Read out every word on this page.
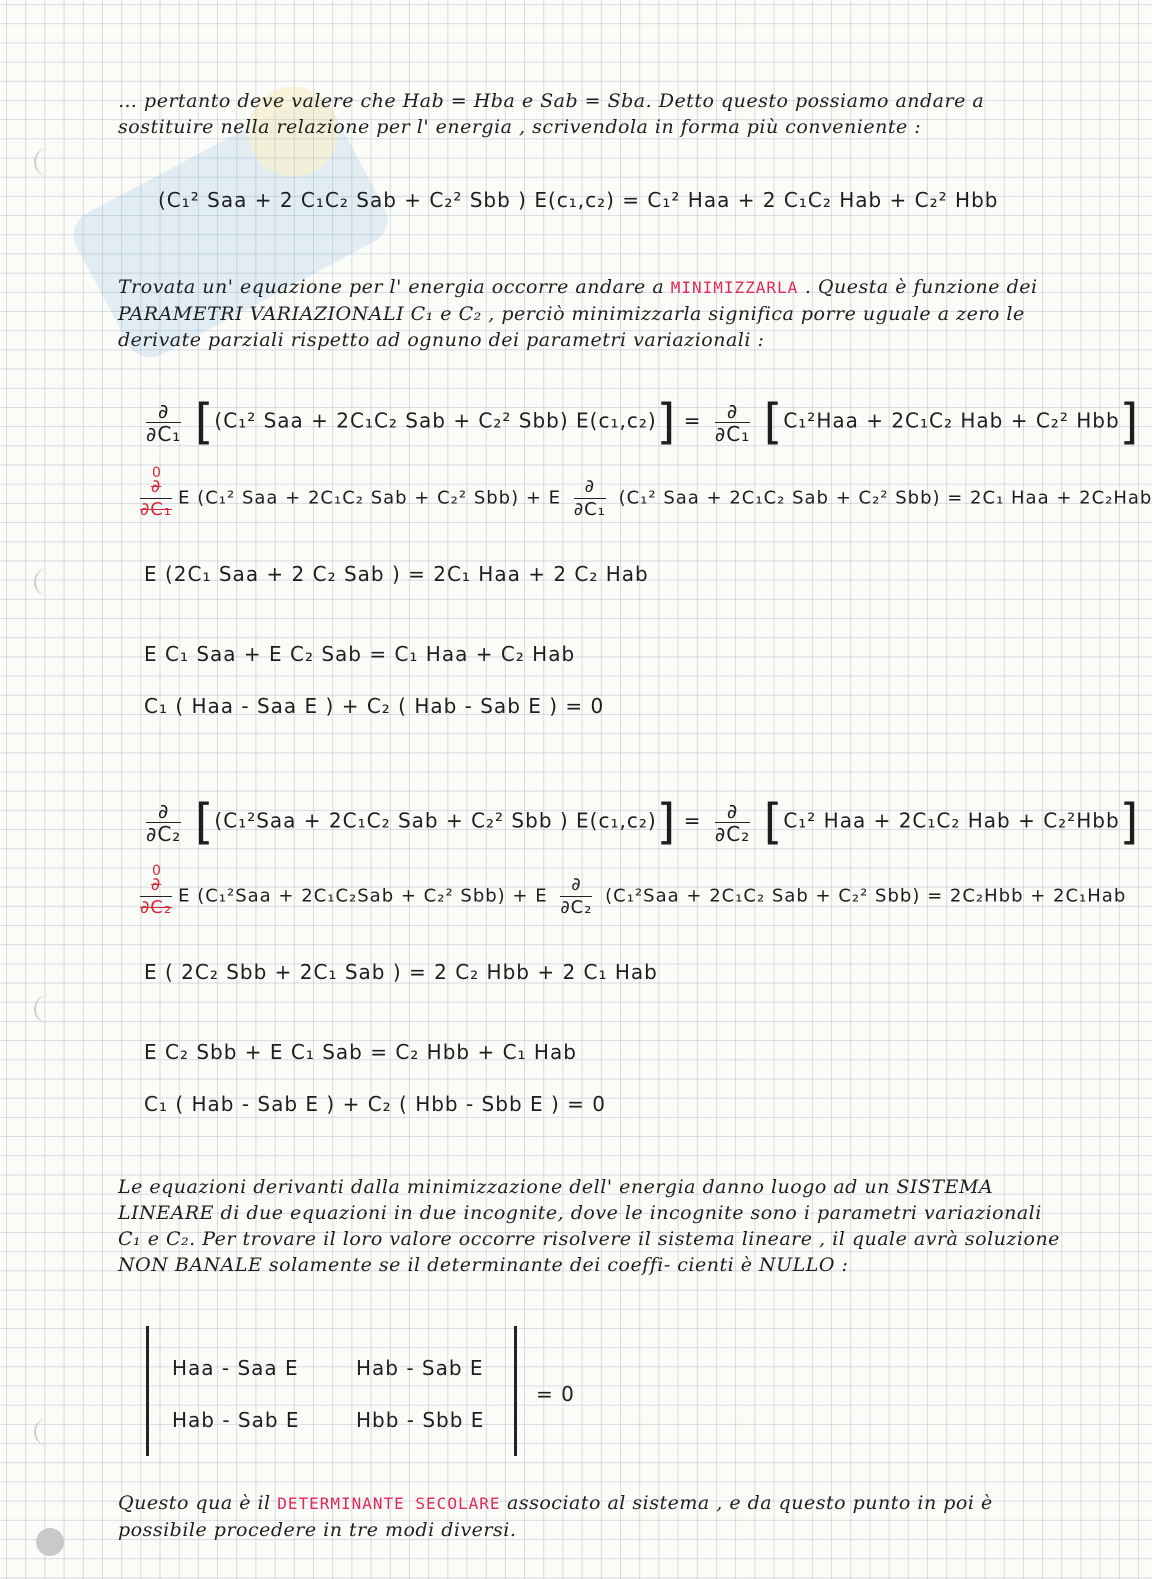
… pertanto deve valere che Hab = Hba e Sab = Sba. Detto questo possiamo andare a sostituire nella relazione per l' energia , scrivendola in forma più conveniente :
(C₁² Saa + 2 C₁C₂ Sab + C₂² Sbb ) E(c₁,c₂) = C₁² Haa + 2 C₁C₂ Hab + C₂² Hbb
Trovata un' equazione per l' energia occorre andare a MINIMIZZARLA . Questa è funzione dei PARAMETRI VARIAZIONALI C₁ e C₂ , perciò minimizzarla significa porre uguale a zero le derivate parziali rispetto ad ognuno dei parametri variazionali :
∂
∂C₁ [(C₁² Saa + 2C₁C₂ Sab + C₂² Sbb) E(c₁,c₂)] = ∂
∂C₁ [C₁²Haa + 2C₁C₂ Hab + C₂² Hbb]
0
∂
∂C₁
E (C₁² Saa + 2C₁C₂ Sab + C₂² Sbb) + E
∂
∂C₁
(C₁² Saa + 2C₁C₂ Sab + C₂² Sbb) = 2C₁ Haa + 2C₂Hab
E (2C₁ Saa + 2 C₂ Sab ) = 2C₁ Haa + 2 C₂ Hab
E C₁ Saa + E C₂ Sab = C₁ Haa + C₂ Hab
C₁ ( Haa - Saa E ) + C₂ ( Hab - Sab E ) = 0
∂
∂C₂ [(C₁²Saa + 2C₁C₂ Sab + C₂² Sbb ) E(c₁,c₂)] = ∂
∂C₂ [C₁² Haa + 2C₁C₂ Hab + C₂²Hbb]
0
∂
∂C₂
E (C₁²Saa + 2C₁C₂Sab + C₂² Sbb) + E
∂
∂C₂
(C₁²Saa + 2C₁C₂ Sab + C₂² Sbb) = 2C₂Hbb + 2C₁Hab
E ( 2C₂ Sbb + 2C₁ Sab ) = 2 C₂ Hbb + 2 C₁ Hab
E C₂ Sbb + E C₁ Sab = C₂ Hbb + C₁ Hab
C₁ ( Hab - Sab E ) + C₂ ( Hbb - Sbb E ) = 0
Le equazioni derivanti dalla minimizzazione dell' energia danno luogo ad un SISTEMA LINEARE di due equazioni in due incognite, dove le incognite sono i parametri variazionali C₁ e C₂. Per trovare il loro valore occorre risolvere il sistema lineare , il quale avrà soluzione NON BANALE solamente se il determinante dei coeffi- cienti è NULLO :
Haa - Saa E	Hab - Sab E
Hab - Sab E	Hbb - Sbb E
= 0
Questo qua è il DETERMINANTE SECOLARE associato al sistema , e da questo punto in poi è possibile procedere in tre modi diversi.
